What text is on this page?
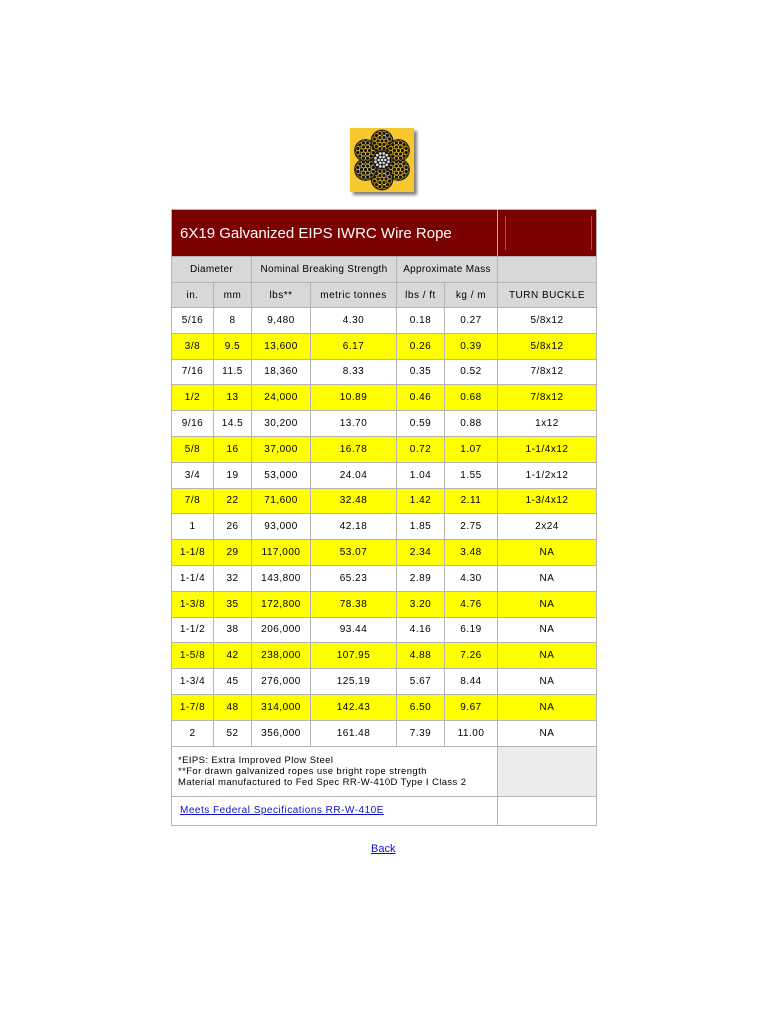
6X19 Galvanized EIPS IWRC Wire Rope						

Diameter		Nominal Breaking Strength		Approximate Mass		
in.	mm	lbs**	metric tonnes	lbs / ft	kg / m	TURN BUCKLE
5/16	8	9,480	4.30	0.18	0.27	5/8x12
3/8	9.5	13,600	6.17	0.26	0.39	5/8x12
7/16	11.5	18,360	8.33	0.35	0.52	7/8x12
1/2	13	24,000	10.89	0.46	0.68	7/8x12
9/16	14.5	30,200	13.70	0.59	0.88	1x12
5/8	16	37,000	16.78	0.72	1.07	1-1/4x12
3/4	19	53,000	24.04	1.04	1.55	1-1/2x12
7/8	22	71,600	32.48	1.42	2.11	1-3/4x12
1	26	93,000	42.18	1.85	2.75	2x24
1-1/8	29	117,000	53.07	2.34	3.48	NA
1-1/4	32	143,800	65.23	2.89	4.30	NA
1-3/8	35	172,800	78.38	3.20	4.76	NA
1-1/2	38	206,000	93.44	4.16	6.19	NA
1-5/8	42	238,000	107.95	4.88	7.26	NA
1-3/4	45	276,000	125.19	5.67	8.44	NA
1-7/8	48	314,000	142.43	6.50	9.67	NA
2	52	356,000	161.48	7.39	11.00	NA

*EIPS: Extra Improved Plow Steel
**For drawn galvanized ropes use bright rope strength
Material manufactured to Fed Spec RR-W-410D Type I Class 2						

Meets Federal Specifications RR-W-410E						
Back
